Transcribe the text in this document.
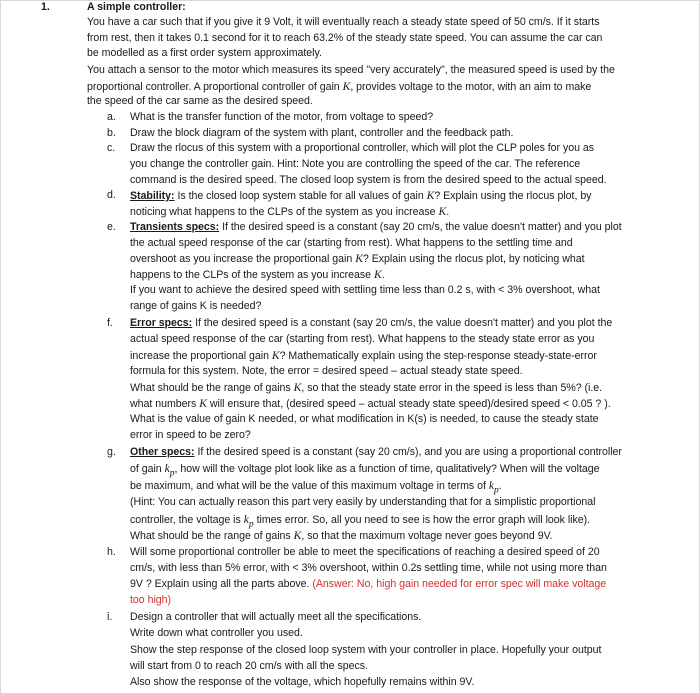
1.	A simple controller:
You have a car such that if you give it 9 Volt, it will eventually reach a steady state speed of 50 cm/s. If it starts
from rest, then it takes 0.1 second for it to reach 63.2% of the steady state speed. You can assume the car can
be modelled as a first order system approximately.
You attach a sensor to the motor which measures its speed "very accurately", the measured speed is used by the
proportional controller. A proportional controller of gain K, provides voltage to the motor, with an aim to make
the speed of the car same as the desired speed.
a. What is the transfer function of the motor, from voltage to speed?
b. Draw the block diagram of the system with plant, controller and the feedback path.
c. Draw the rlocus of this system with a proportional controller, which will plot the CLP poles for you as
you change the controller gain. Hint: Note you are controlling the speed of the car. The reference
command is the desired speed. The closed loop system is from the desired speed to the actual speed.
d. Stability: Is the closed loop system stable for all values of gain K? Explain using the rlocus plot, by
noticing what happens to the CLPs of the system as you increase K.
e. Transients specs: If the desired speed is a constant (say 20 cm/s, the value doesn't matter) and you plot
the actual speed response of the car (starting from rest). What happens to the settling time and
overshoot as you increase the proportional gain K? Explain using the rlocus plot, by noticing what
happens to the CLPs of the system as you increase K.
If you want to achieve the desired speed with settling time less than 0.2 s, with < 3% overshoot, what
range of gains K is needed?
f. Error specs: If the desired speed is a constant (say 20 cm/s, the value doesn't matter) and you plot the
actual speed response of the car (starting from rest). What happens to the steady state error as you
increase the proportional gain K? Mathematically explain using the step-response steady-state-error
formula for this system. Note, the error = desired speed – actual steady state speed.
What should be the range of gains K, so that the steady state error in the speed is less than 5%? (i.e.
what numbers K will ensure that, (desired speed – actual steady state speed)/desired speed < 0.05 ? ).
What is the value of gain K needed, or what modification in K(s) is needed, to cause the steady state
error in speed to be zero?
g. Other specs: If the desired speed is a constant (say 20 cm/s), and you are using a proportional controller
of gain $k_p$, how will the voltage plot look like as a function of time, qualitatively? When will the voltage
be maximum, and what will be the value of this maximum voltage in terms of $k_p$.
(Hint: You can actually reason this part very easily by understanding that for a simplistic proportional
controller, the voltage is $k_p$ times error. So, all you need to see is how the error graph will look like).
What should be the range of gains K, so that the maximum voltage never goes beyond 9V.
h. Will some proportional controller be able to meet the specifications of reaching a desired speed of 20
cm/s, with less than 5% error, with < 3% overshoot, within 0.2s settling time, while not using more than
9V ? Explain using all the parts above. (Answer: No, high gain needed for error spec will make voltage
too high)
i. Design a controller that will actually meet all the specifications.
Write down what controller you used.
Show the step response of the closed loop system with your controller in place. Hopefully your output
will start from 0 to reach 20 cm/s with all the specs.
Also show the response of the voltage, which hopefully remains within 9V.
